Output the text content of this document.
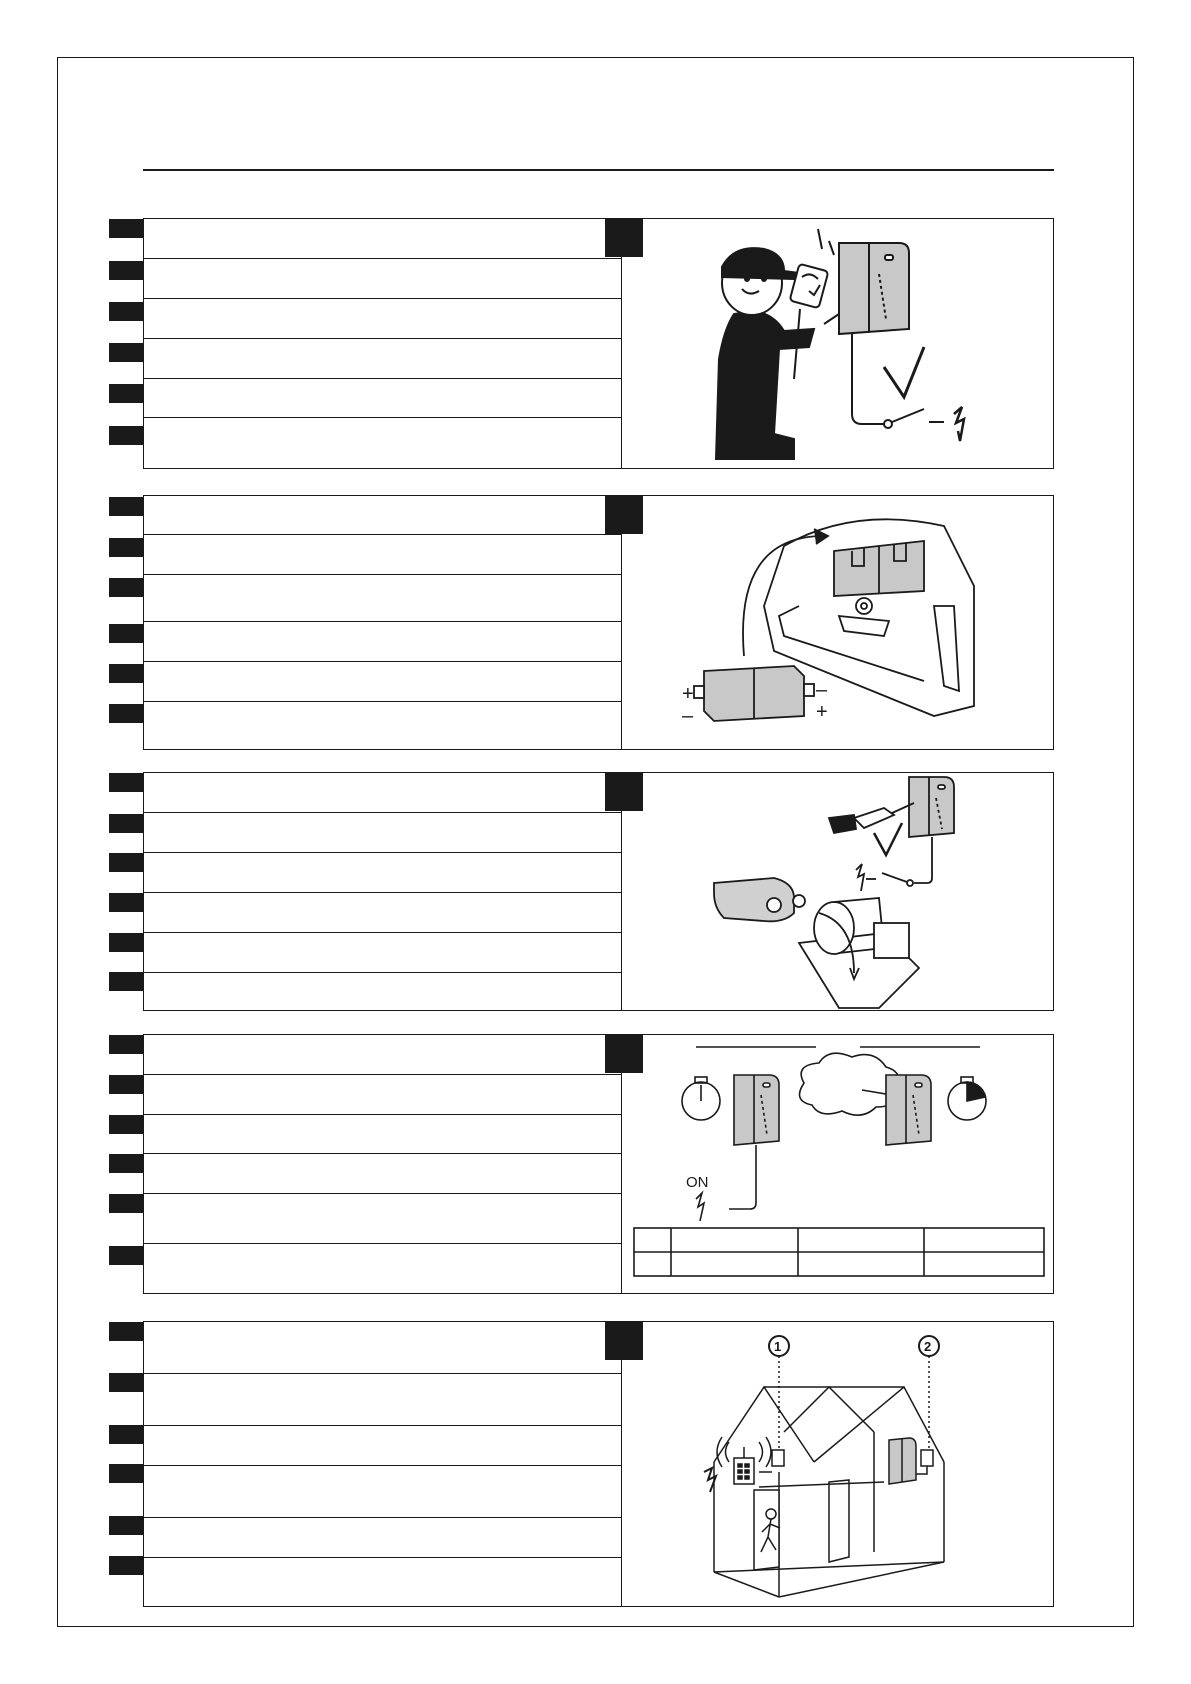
+
–
–
+
ON
1	2
